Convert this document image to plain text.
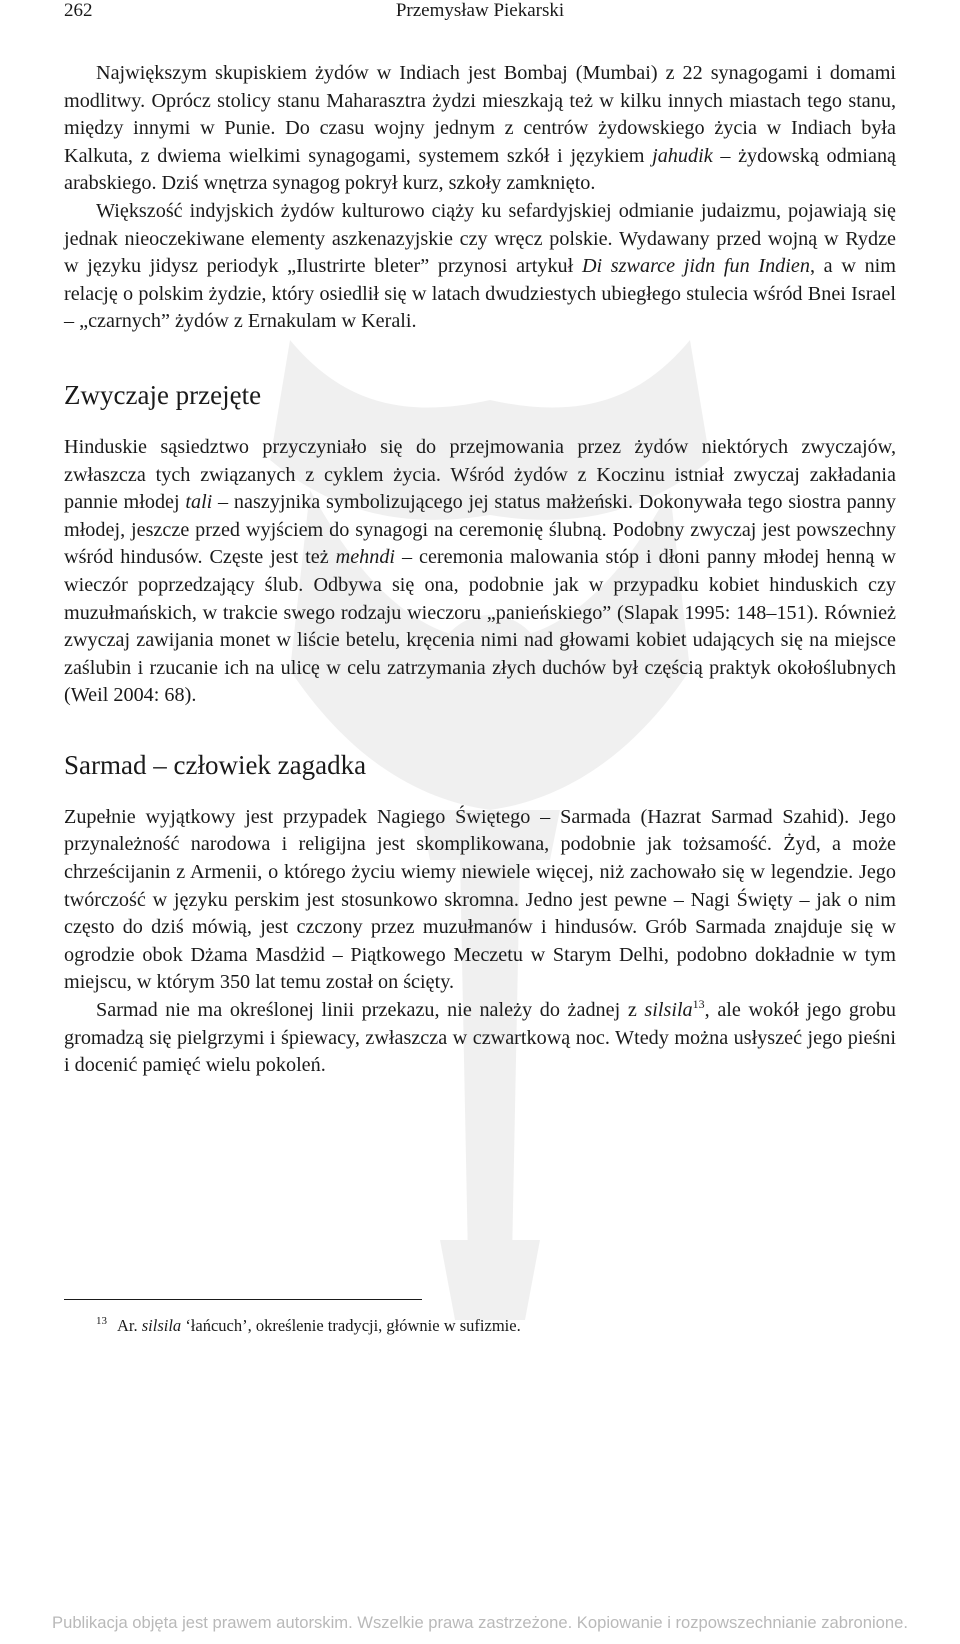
262	Przemysław Piekarski

Największym skupiskiem żydów w Indiach jest Bombaj (Mumbai) z 22 synagogami i domami modlitwy. Oprócz stolicy stanu Maharasztra żydzi mieszkają też w kilku innych miastach tego stanu, między innymi w Punie. Do czasu wojny jednym z centrów żydowskiego życia w Indiach była Kalkuta, z dwiema wielkimi synagogami, systemem szkół i językiem jahudik – żydowską odmianą arabskiego. Dziś wnętrza synagog pokrył kurz, szkoły zamknięto.

Większość indyjskich żydów kulturowo ciąży ku sefardyjskiej odmianie judaizmu, pojawiają się jednak nieoczekiwane elementy aszkenazyjskie czy wręcz polskie. Wydawany przed wojną w Rydze w języku jidysz periodyk „Ilustrirte bleter” przynosi artykuł Di szwarce jidn fun Indien, a w nim relację o polskim żydzie, który osiedlił się w latach dwudziestych ubiegłego stulecia wśród Bnei Israel – „czarnych” żydów z Ernakulam w Kerali.

Zwyczaje przejęte

Hinduskie sąsiedztwo przyczyniało się do przejmowania przez żydów niektórych zwyczajów, zwłaszcza tych związanych z cyklem życia. Wśród żydów z Koczinu istniał zwyczaj zakładania pannie młodej tali – naszyjnika symbolizującego jej status małżeński. Dokonywała tego siostra panny młodej, jeszcze przed wyjściem do synagogi na ceremonię ślubną. Podobny zwyczaj jest powszechny wśród hindusów. Częste jest też mehndi – ceremonia malowania stóp i dłoni panny młodej henną w wieczór poprzedzający ślub. Odbywa się ona, podobnie jak w przypadku kobiet hinduskich czy muzułmańskich, w trakcie swego rodzaju wieczoru „panieńskiego” (Slapak 1995: 148–151). Również zwyczaj zawijania monet w liście betelu, kręcenia nimi nad głowami kobiet udających się na miejsce zaślubin i rzucanie ich na ulicę w celu zatrzymania złych duchów był częścią praktyk okołoślubnych (Weil 2004: 68).

Sarmad – człowiek zagadka

Zupełnie wyjątkowy jest przypadek Nagiego Świętego – Sarmada (Hazrat Sarmad Szahid). Jego przynależność narodowa i religijna jest skomplikowana, podobnie jak tożsamość. Żyd, a może chrześcijanin z Armenii, o którego życiu wiemy niewiele więcej, niż zachowało się w legendzie. Jego twórczość w języku perskim jest stosunkowo skromna. Jedno jest pewne – Nagi Święty – jak o nim często do dziś mówią, jest czczony przez muzułmanów i hindusów. Grób Sarmada znajduje się w ogrodzie obok Dżama Masdżid – Piątkowego Meczetu w Starym Delhi, podobno dokładnie w tym miejscu, w którym 350 lat temu został on ścięty.

Sarmad nie ma określonej linii przekazu, nie należy do żadnej z silsila$^{13}$, ale wokół jego grobu gromadzą się pielgrzymi i śpiewacy, zwłaszcza w czwartkową noc. Wtedy można usłyszeć jego pieśni i docenić pamięć wielu pokoleń.

13 Ar. silsila ‘łańcuch’, określenie tradycji, głównie w sufizmie.
Publikacja objęta jest prawem autorskim. Wszelkie prawa zastrzeżone. Kopiowanie i rozpowszechnianie zabronione.
